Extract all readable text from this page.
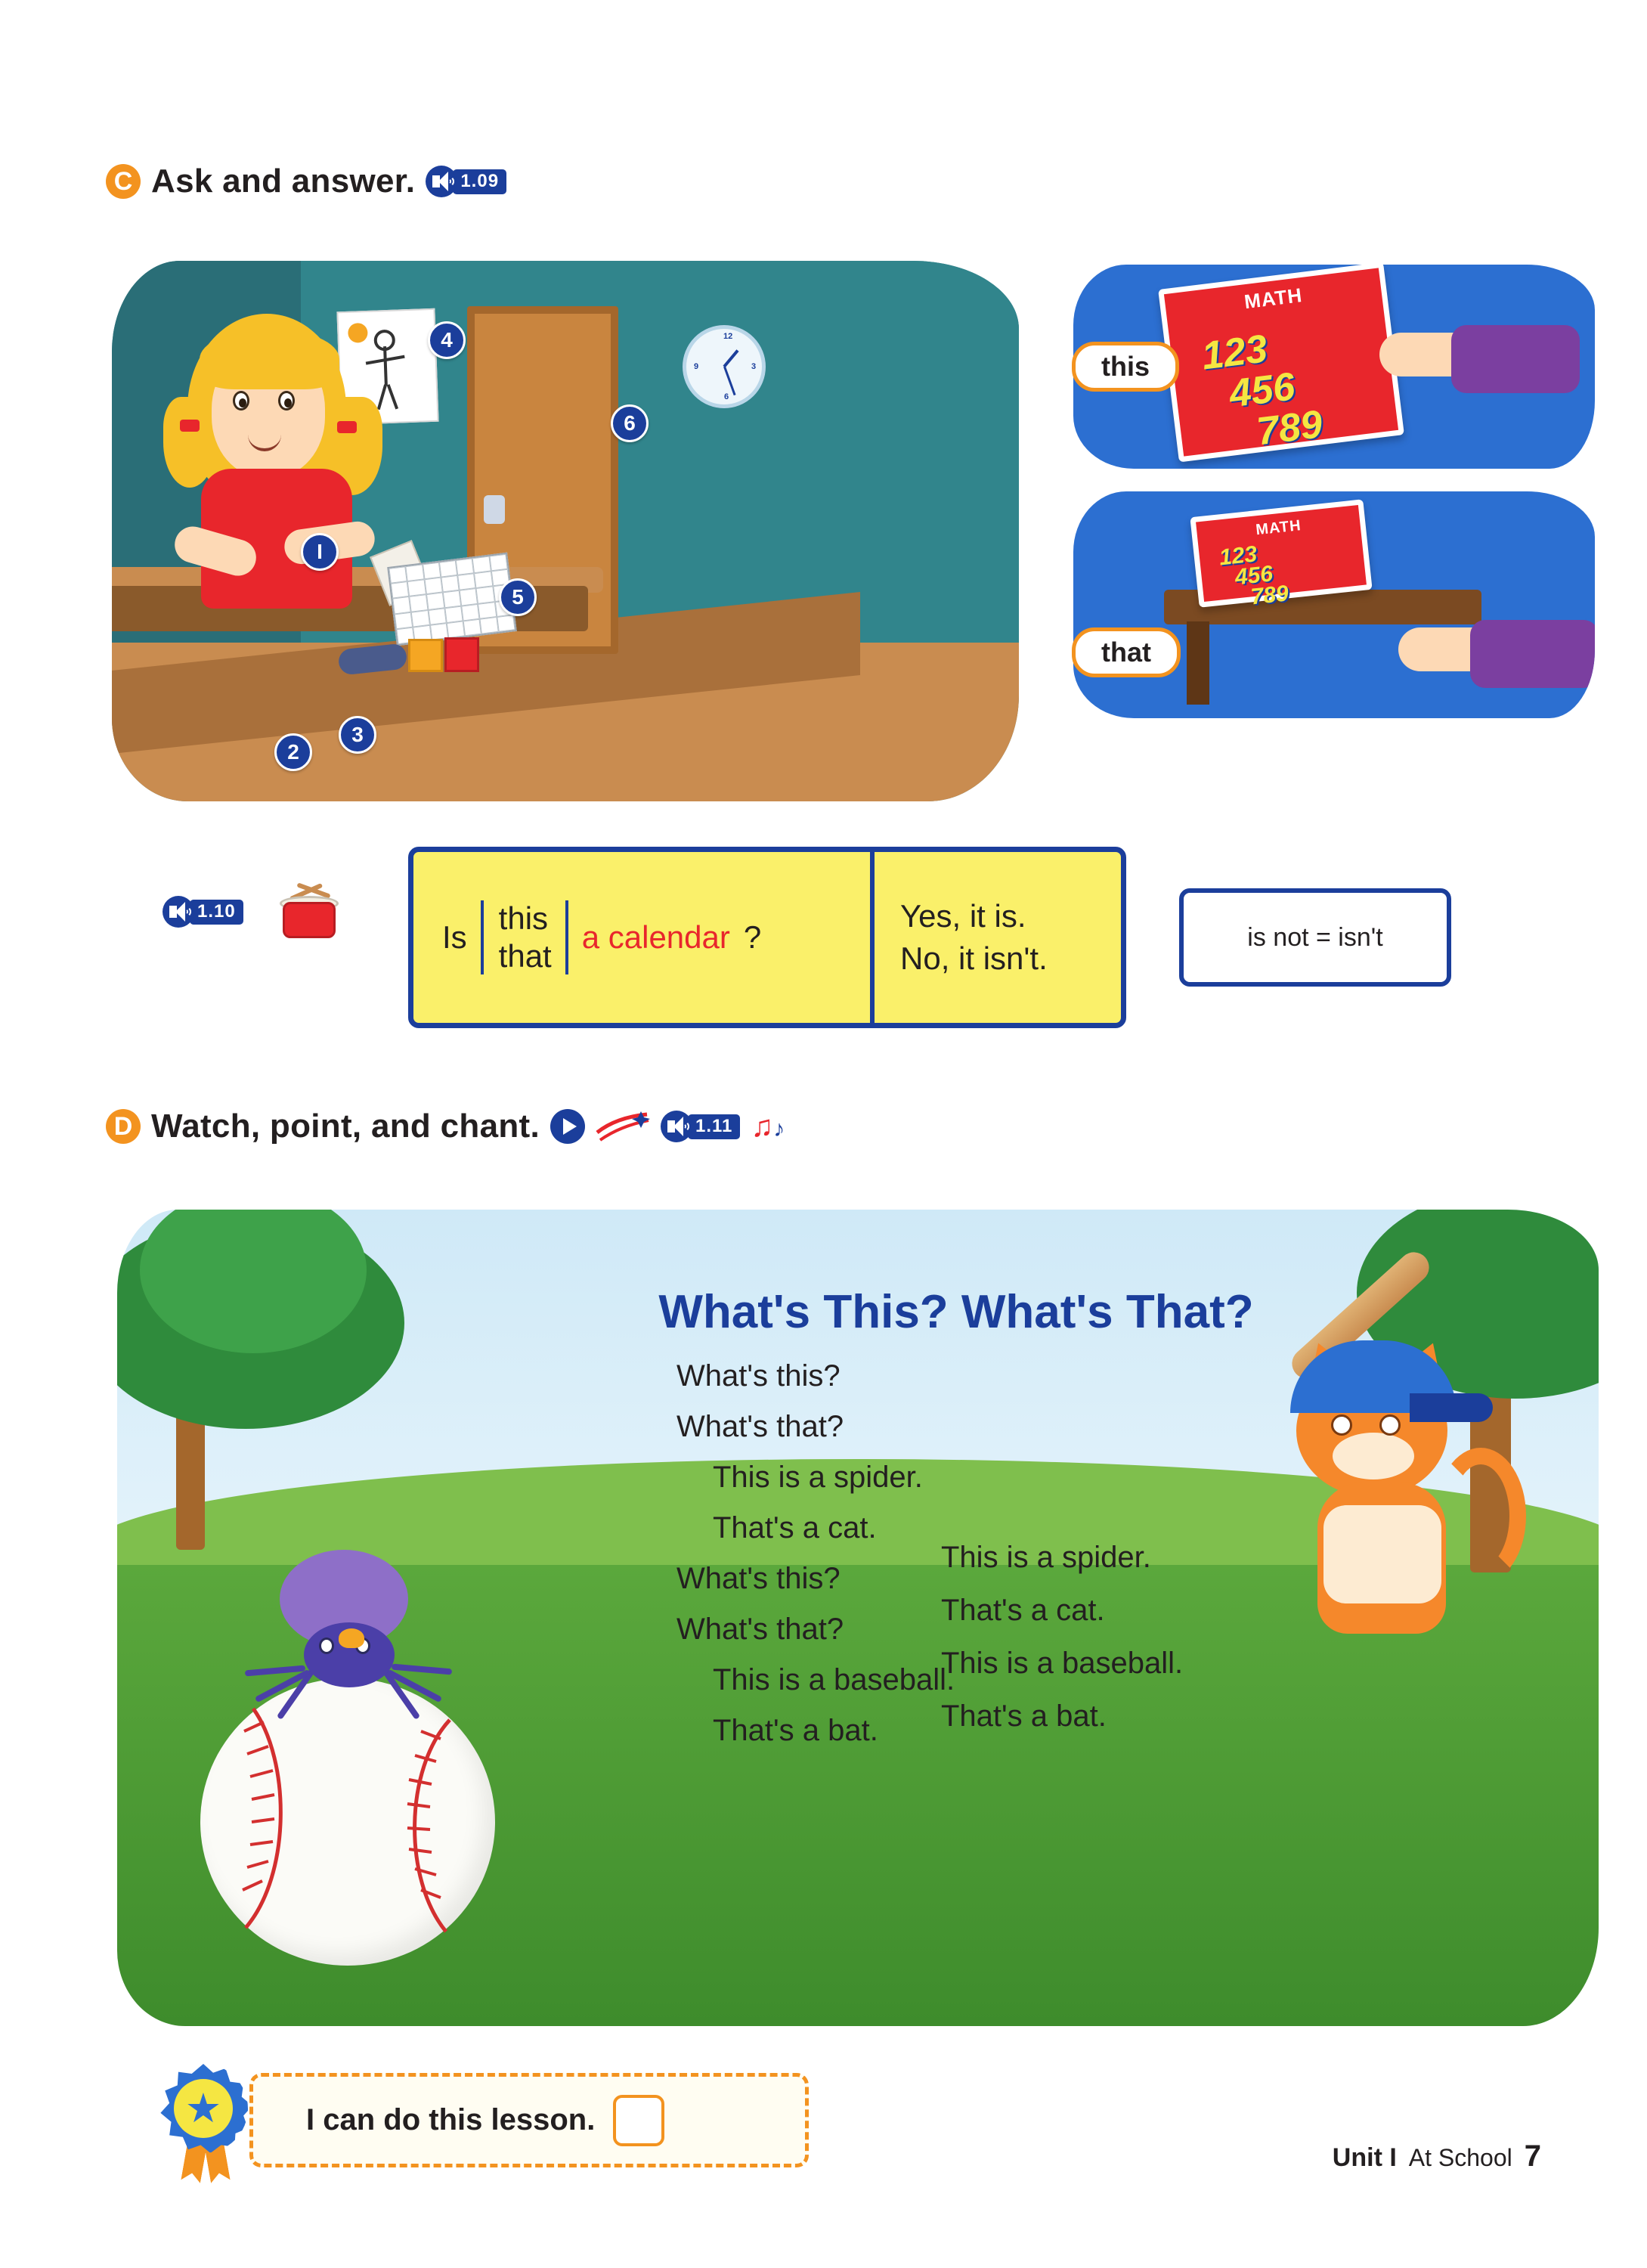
C Ask and answer.	1.09
12
3
6
9
I
2
3
4
5
6
MATH
123
456
789
this
MATH
123
456
789
that
1.10
Is
this
that
a calendar ?
Yes, it is.
No, it isn't.
is not = isn't
D Watch, point, and chant.	1.11 ♫♪
What's This? What's That?
What's this?
What's that?
This is a spider.
That's a cat.
What's this?
What's that?
This is a baseball.
That's a bat.
This is a spider.
That's a cat.
This is a baseball.
That's a bat.
★	I can do this lesson.
Unit I At School 7
